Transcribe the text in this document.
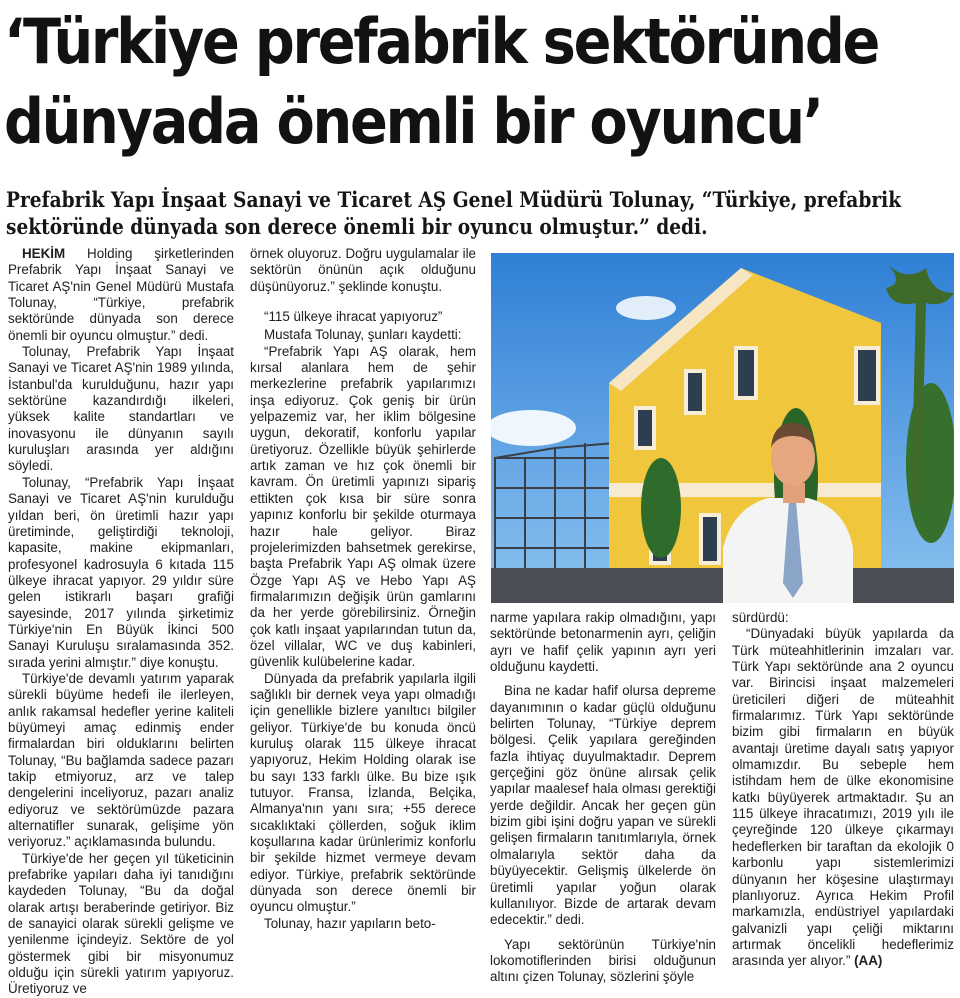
‘Türkiye prefabrik sektöründe
dünyada önemli bir oyuncu’

Prefabrik Yapı İnşaat Sanayi ve Ticaret AŞ Genel Müdürü Tolunay, “Türkiye, prefabrik sektöründe dünyada son derece önemli bir oyuncu olmuştur.” dedi.

HEKİM Holding şirketlerinden Prefabrik Yapı İnşaat Sanayi ve Ticaret AŞ'nin Genel Müdürü Mustafa Tolunay, “Türkiye, prefabrik sektöründe dünyada son derece önemli bir oyuncu olmuştur.” dedi.

Tolunay, Prefabrik Yapı İnşaat Sanayi ve Ticaret AŞ'nin 1989 yılında, İstanbul'da kurulduğunu, hazır yapı sektörüne kazandırdığı ilkeleri, yüksek kalite standartları ve inovasyonu ile dünyanın sayılı kuruluşları arasında yer aldığını söyledi.

Tolunay, “Prefabrik Yapı İnşaat Sanayi ve Ticaret AŞ'nin kurulduğu yıldan beri, ön üretimli hazır yapı üretiminde, geliştirdiği teknoloji, kapasite, makine ekipmanları, profesyonel kadrosuyla 6 kıtada 115 ülkeye ihracat yapıyor. 29 yıldır süre gelen istikrarlı başarı grafiği sayesinde, 2017 yılında şirketimiz Türkiye'nin En Büyük İkinci 500 Sanayi Kuruluşu sıralamasında 352. sırada yerini almıştır.” diye konuştu.

Türkiye'de devamlı yatırım yaparak sürekli büyüme hedefi ile ilerleyen, anlık rakamsal hedefler yerine kaliteli büyümeyi amaç edinmiş ender firmalardan biri olduklarını belirten Tolunay, “Bu bağlamda sadece pazarı takip etmiyoruz, arz ve talep dengelerini inceliyoruz, pazarı analiz ediyoruz ve sektörümüzde pazara alternatifler sunarak, gelişime yön veriyoruz.” açıklamasında bulundu.

Türkiye'de her geçen yıl tüketicinin prefabrike yapıları daha iyi tanıdığını kaydeden Tolunay, “Bu da doğal olarak artışı beraberinde getiriyor. Biz de sanayici olarak sürekli gelişme ve yenilenme içindeyiz. Sektöre de yol göstermek gibi bir misyonumuz olduğu için sürekli yatırım yapıyoruz. Üretiyoruz ve

örnek oluyoruz. Doğru uygulamalar ile sektörün önünün açık olduğunu düşünüyoruz.” şeklinde konuştu.

“115 ülkeye ihracat yapıyoruz”

Mustafa Tolunay, şunları kaydetti:

“Prefabrik Yapı AŞ olarak, hem kırsal alanlara hem de şehir merkezlerine prefabrik yapılarımızı inşa ediyoruz. Çok geniş bir ürün yelpazemiz var, her iklim bölgesine uygun, dekoratif, konforlu yapılar üretiyoruz. Özellikle büyük şehirlerde artık zaman ve hız çok önemli bir kavram. Ön üretimli yapınızı sipariş ettikten çok kısa bir süre sonra yapınız konforlu bir şekilde oturmaya hazır hale geliyor. Biraz projelerimizden bahsetmek gerekirse, başta Prefabrik Yapı AŞ olmak üzere Özge Yapı AŞ ve Hebo Yapı AŞ firmalarımızın değişik ürün gamlarını da her yerde görebilirsiniz. Örneğin çok katlı inşaat yapılarından tutun da, özel villalar, WC ve duş kabinleri, güvenlik kulübelerine kadar.

Dünyada da prefabrik yapılarla ilgili sağlıklı bir dernek veya yapı olmadığı için genellikle bizlere yanıltıcı bilgiler geliyor. Türkiye'de bu konuda öncü kuruluş olarak 115 ülkeye ihracat yapıyoruz, Hekim Holding olarak ise bu sayı 133 farklı ülke. Bu bize ışık tutuyor. Fransa, İzlanda, Belçika, Almanya'nın yanı sıra; +55 derece sıcaklıktaki çöllerden, soğuk iklim koşullarına kadar ürünlerimiz konforlu bir şekilde hizmet vermeye devam ediyor. Türkiye, prefabrik sektöründe dünyada son derece önemli bir oyuncu olmuştur.”

Tolunay, hazır yapıların beto-

narme yapılara rakip olmadığını, yapı sektöründe betonarmenin ayrı, çeliğin ayrı ve hafif çelik yapının ayrı yeri olduğunu kaydetti.

Bina ne kadar hafif olursa depreme dayanımının o kadar güçlü olduğunu belirten Tolunay, “Türkiye deprem bölgesi. Çelik yapılara gereğinden fazla ihtiyaç duyulmaktadır. Deprem gerçeğini göz önüne alırsak çelik yapılar maalesef hala olması gerektiği yerde değildir. Ancak her geçen gün bizim gibi işini doğru yapan ve sürekli gelişen firmaların tanıtımlarıyla, örnek olmalarıyla sektör daha da büyüyecektir. Gelişmiş ülkelerde ön üretimli yapılar yoğun olarak kullanılıyor. Bizde de artarak devam edecektir.” dedi.

Yapı sektörünün Türkiye'nin lokomotiflerinden birisi olduğunun altını çizen Tolunay, sözlerini şöyle

sürdürdü:

“Dünyadaki büyük yapılarda da Türk müteahhitlerinin imzaları var. Türk Yapı sektöründe ana 2 oyuncu var. Birincisi inşaat malzemeleri üreticileri diğeri de müteahhit firmalarımız. Türk Yapı sektöründe bizim gibi firmaların en büyük avantajı üretime dayalı satış yapıyor olmamızdır. Bu sebeple hem istihdam hem de ülke ekonomisine katkı büyüyerek artmaktadır. Şu an 115 ülkeye ihracatımızı, 2019 yılı ile çeyreğinde 120 ülkeye çıkarmayı hedeflerken bir taraftan da ekolojik 0 karbonlu yapı sistemlerimizi dünyanın her köşesine ulaştırmayı planlıyoruz. Ayrıca Hekim Profil markamızla, endüstriyel yapılardaki galvanizli yapı çeliği miktarını artırmak öncelikli hedeflerimiz arasında yer alıyor.” (AA)
